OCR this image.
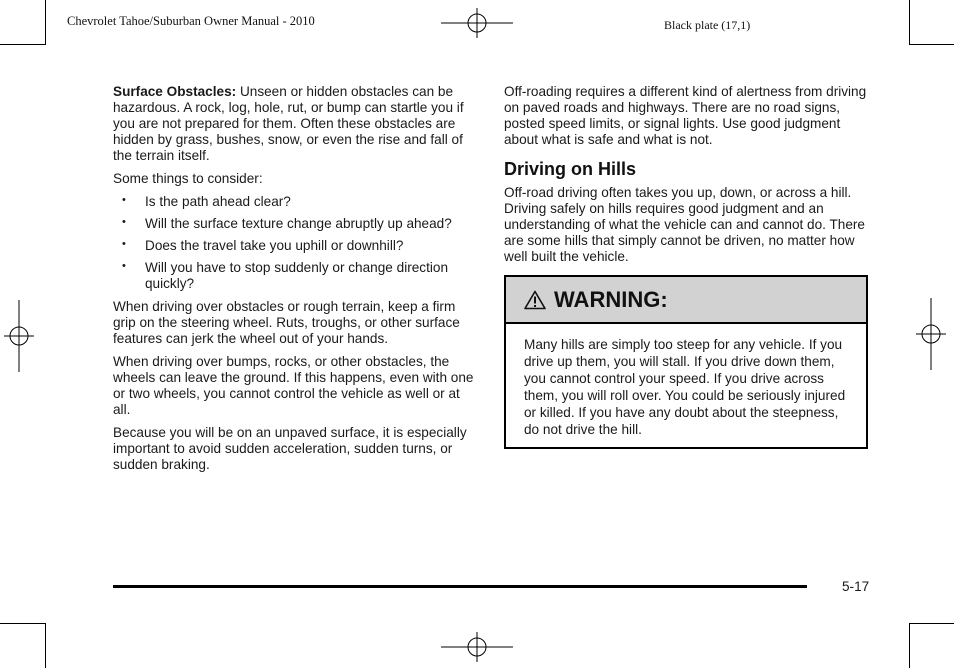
Chevrolet Tahoe/Suburban Owner Manual - 2010	Black plate (17,1)

Surface Obstacles: Unseen or hidden obstacles can be hazardous. A rock, log, hole, rut, or bump can startle you if you are not prepared for them. Often these obstacles are hidden by grass, bushes, snow, or even the rise and fall of the terrain itself.

Some things to consider:

• Is the path ahead clear?
• Will the surface texture change abruptly up ahead?
• Does the travel take you uphill or downhill?
• Will you have to stop suddenly or change direction quickly?

When driving over obstacles or rough terrain, keep a firm grip on the steering wheel. Ruts, troughs, or other surface features can jerk the wheel out of your hands.

When driving over bumps, rocks, or other obstacles, the wheels can leave the ground. If this happens, even with one or two wheels, you cannot control the vehicle as well or at all.

Because you will be on an unpaved surface, it is especially important to avoid sudden acceleration, sudden turns, or sudden braking.

Off-roading requires a different kind of alertness from driving on paved roads and highways. There are no road signs, posted speed limits, or signal lights. Use good judgment about what is safe and what is not.

Driving on Hills

Off-road driving often takes you up, down, or across a hill. Driving safely on hills requires good judgment and an understanding of what the vehicle can and cannot do. There are some hills that simply cannot be driven, no matter how well built the vehicle.

WARNING:
Many hills are simply too steep for any vehicle. If you drive up them, you will stall. If you drive down them, you cannot control your speed. If you drive across them, you will roll over. You could be seriously injured or killed. If you have any doubt about the steepness, do not drive the hill.
5-17
